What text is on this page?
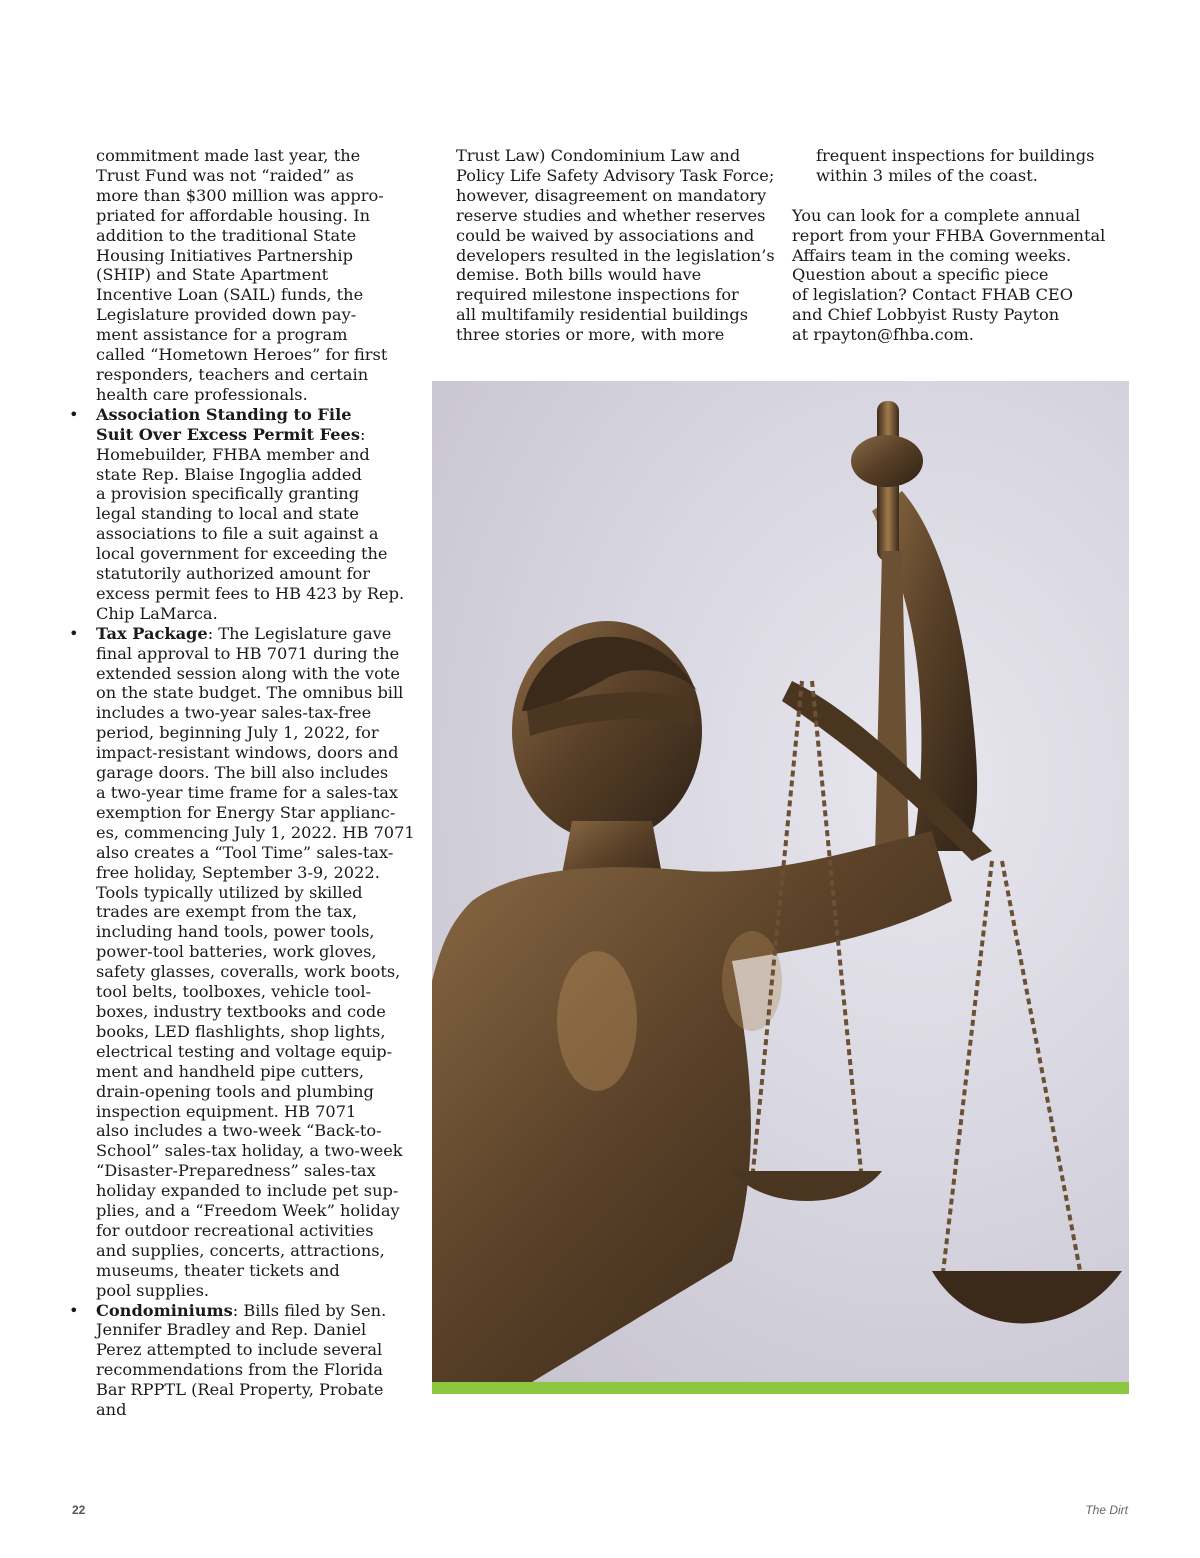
commitment made last year, the
Trust Fund was not “raided” as
more than $300 million was appro-
priated for affordable housing. In
addition to the traditional State
Housing Initiatives Partnership
(SHIP) and State Apartment
Incentive Loan (SAIL) funds, the
Legislature provided down pay-
ment assistance for a program
called “Hometown Heroes” for first
responders, teachers and certain
health care professionals.

• Association Standing to File
Suit Over Excess Permit Fees:
Homebuilder, FHBA member and
state Rep. Blaise Ingoglia added
a provision specifically granting
legal standing to local and state
associations to file a suit against a
local government for exceeding the
statutorily authorized amount for
excess permit fees to HB 423 by Rep.
Chip LaMarca.
• Tax Package: The Legislature gave
final approval to HB 7071 during the
extended session along with the vote
on the state budget. The omnibus bill
includes a two-year sales-tax-free
period, beginning July 1, 2022, for
impact-resistant windows, doors and
garage doors. The bill also includes
a two-year time frame for a sales-tax
exemption for Energy Star applianc-
es, commencing July 1, 2022. HB 7071
also creates a “Tool Time” sales-tax-
free holiday, September 3-9, 2022.
Tools typically utilized by skilled
trades are exempt from the tax,
including hand tools, power tools,
power-tool batteries, work gloves,
safety glasses, coveralls, work boots,
tool belts, toolboxes, vehicle tool-
boxes, industry textbooks and code
books, LED flashlights, shop lights,
electrical testing and voltage equip-
ment and handheld pipe cutters,
drain-opening tools and plumbing
inspection equipment. HB 7071
also includes a two-week “Back-to-
School” sales-tax holiday, a two-week
“Disaster-Preparedness” sales-tax
holiday expanded to include pet sup-
plies, and a “Freedom Week” holiday
for outdoor recreational activities
and supplies, concerts, attractions,
museums, theater tickets and
pool supplies.
• Condominiums: Bills filed by Sen.
Jennifer Bradley and Rep. Daniel
Perez attempted to include several
recommendations from the Florida
Bar RPPTL (Real Property, Probate and

Trust Law) Condominium Law and
Policy Life Safety Advisory Task Force;
however, disagreement on mandatory
reserve studies and whether reserves
could be waived by associations and
developers resulted in the legislation’s
demise. Both bills would have
required milestone inspections for
all multifamily residential buildings
three stories or more, with more

frequent inspections for buildings
within 3 miles of the coast.

You can look for a complete annual
report from your FHBA Governmental
Affairs team in the coming weeks.
Question about a specific piece
of legislation? Contact FHAB CEO
and Chief Lobbyist Rusty Payton
at rpayton@fhba.com.

22	The Dirt
